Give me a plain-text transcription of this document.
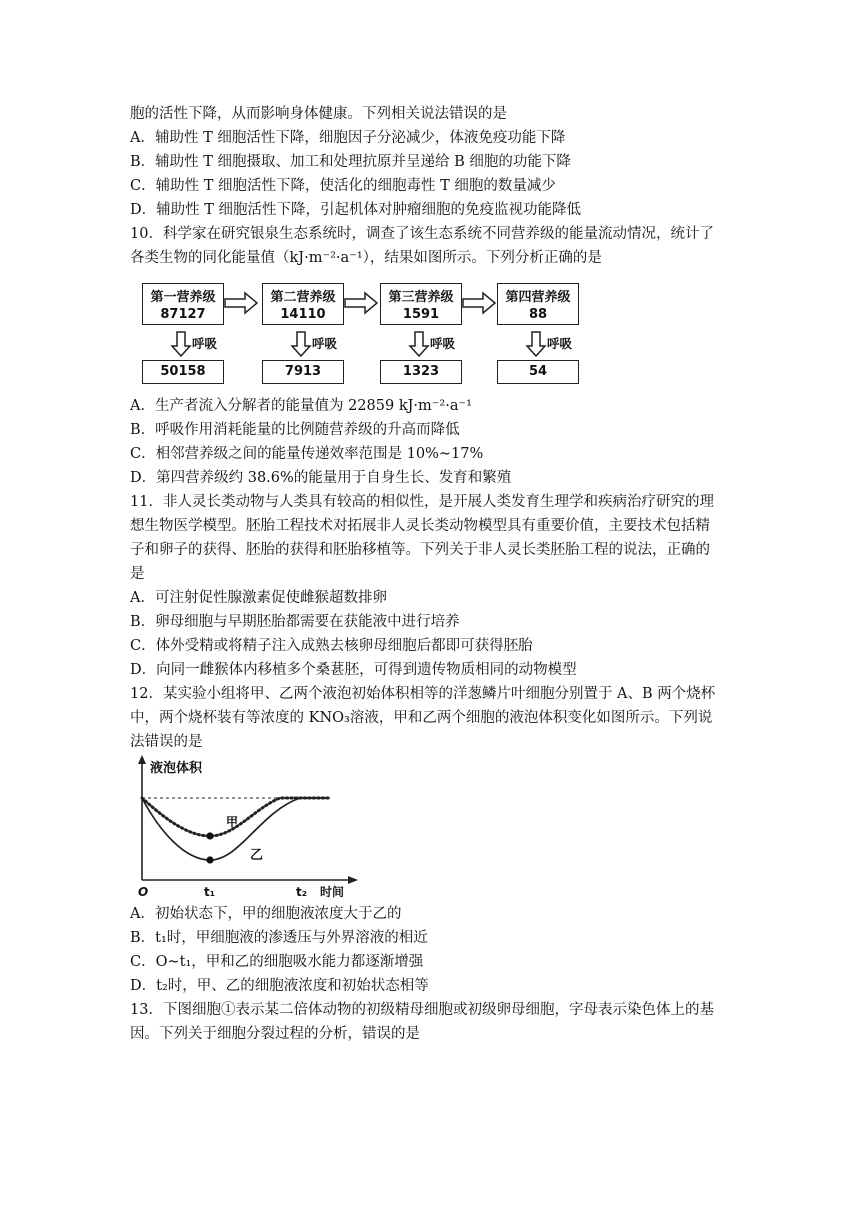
胞的活性下降，从而影响身体健康。下列相关说法错误的是
A．辅助性 T 细胞活性下降，细胞因子分泌减少，体液免疫功能下降
B．辅助性 T 细胞摄取、加工和处理抗原并呈递给 B 细胞的功能下降
C．辅助性 T 细胞活性下降，使活化的细胞毒性 T 细胞的数量减少
D．辅助性 T 细胞活性下降，引起机体对肿瘤细胞的免疫监视功能降低
10．科学家在研究银泉生态系统时，调查了该生态系统不同营养级的能量流动情况，统计了
各类生物的同化能量值（kJ·m⁻²·a⁻¹），结果如图所示。下列分析正确的是
第一营养级
87127
第二营养级
14110
第三营养级
1591
第四营养级
88
呼吸	呼吸	呼吸	呼吸
50158	7913	1323	54
A．生产者流入分解者的能量值为 22859 kJ·m⁻²·a⁻¹
B．呼吸作用消耗能量的比例随营养级的升高而降低
C．相邻营养级之间的能量传递效率范围是 10%~17%
D．第四营养级约 38.6%的能量用于自身生长、发育和繁殖
11．非人灵长类动物与人类具有较高的相似性，是开展人类发育生理学和疾病治疗研究的理
想生物医学模型。胚胎工程技术对拓展非人灵长类动物模型具有重要价值，主要技术包括精
子和卵子的获得、胚胎的获得和胚胎移植等。下列关于非人灵长类胚胎工程的说法，正确的
是
A．可注射促性腺激素促使雌猴超数排卵
B．卵母细胞与早期胚胎都需要在获能液中进行培养
C．体外受精或将精子注入成熟去核卵母细胞后都即可获得胚胎
D．向同一雌猴体内移植多个桑葚胚，可得到遗传物质相同的动物模型
12．某实验小组将甲、乙两个液泡初始体积相等的洋葱鳞片叶细胞分别置于 A、B 两个烧杯
中，两个烧杯装有等浓度的 KNO₃溶液，甲和乙两个细胞的液泡体积变化如图所示。下列说
法错误的是
液泡体积
甲
乙
O	t₁	t₂ 时间
A．初始状态下，甲的细胞液浓度大于乙的
B．t₁时，甲细胞液的渗透压与外界溶液的相近
C．O~t₁，甲和乙的细胞吸水能力都逐渐增强
D．t₂时，甲、乙的细胞液浓度和初始状态相等
13．下图细胞①表示某二倍体动物的初级精母细胞或初级卵母细胞，字母表示染色体上的基
因。下列关于细胞分裂过程的分析，错误的是
